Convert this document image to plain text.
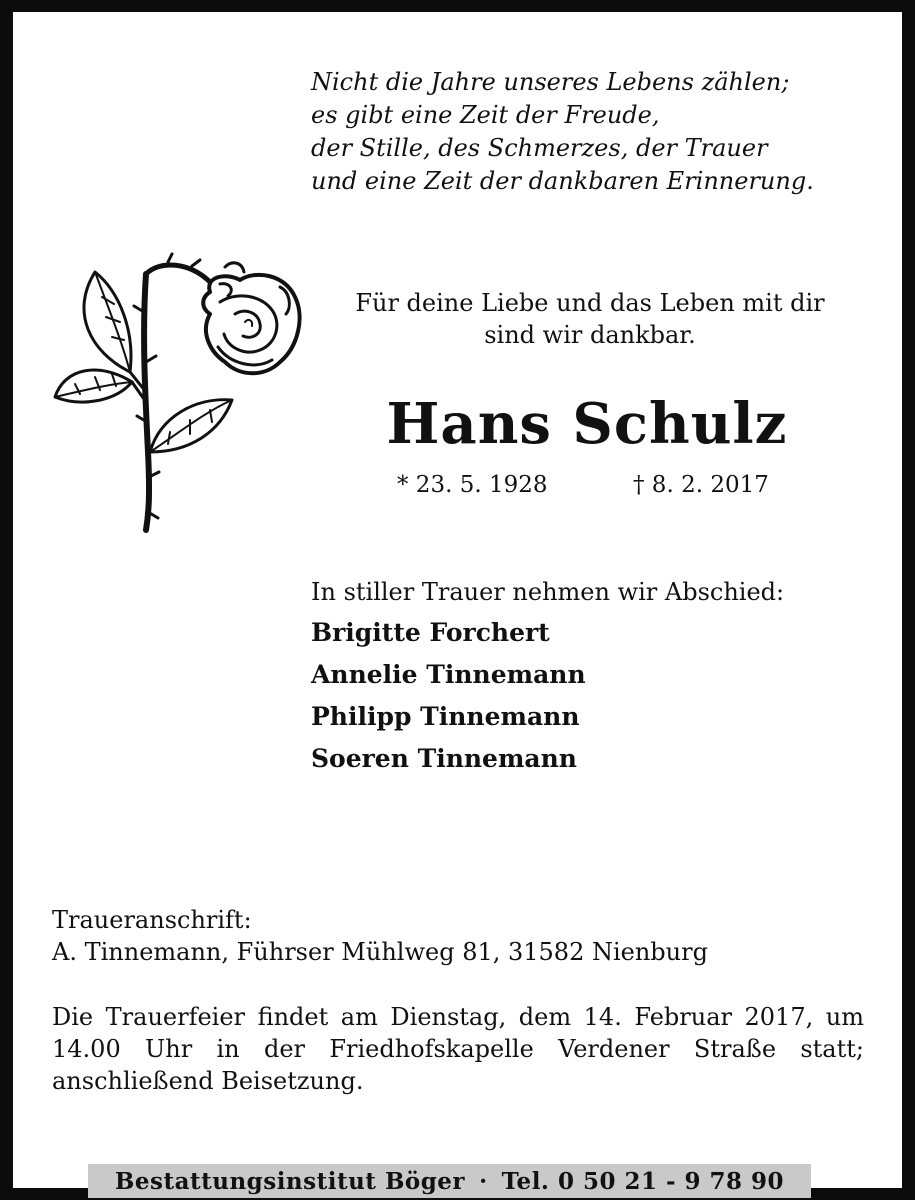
Nicht die Jahre unseres Lebens zählen;
es gibt eine Zeit der Freude,
der Stille, des Schmerzes, der Trauer
und eine Zeit der dankbaren Erinnerung.
Für deine Liebe und das Leben mit dir
sind wir dankbar.
Hans Schulz
* 23. 5. 1928	† 8. 2. 2017
In stiller Trauer nehmen wir Abschied:
Brigitte Forchert
Annelie Tinnemann
Philipp Tinnemann
Soeren Tinnemann
Traueranschrift:
A. Tinnemann, Führser Mühlweg 81, 31582 Nienburg
Die Trauerfeier findet am Dienstag, dem 14. Februar 2017, um
14.00 Uhr in der Friedhofskapelle Verdener Straße statt;
anschließend Beisetzung.
Bestattungsinstitut Böger · Tel. 0 50 21 - 9 78 90
